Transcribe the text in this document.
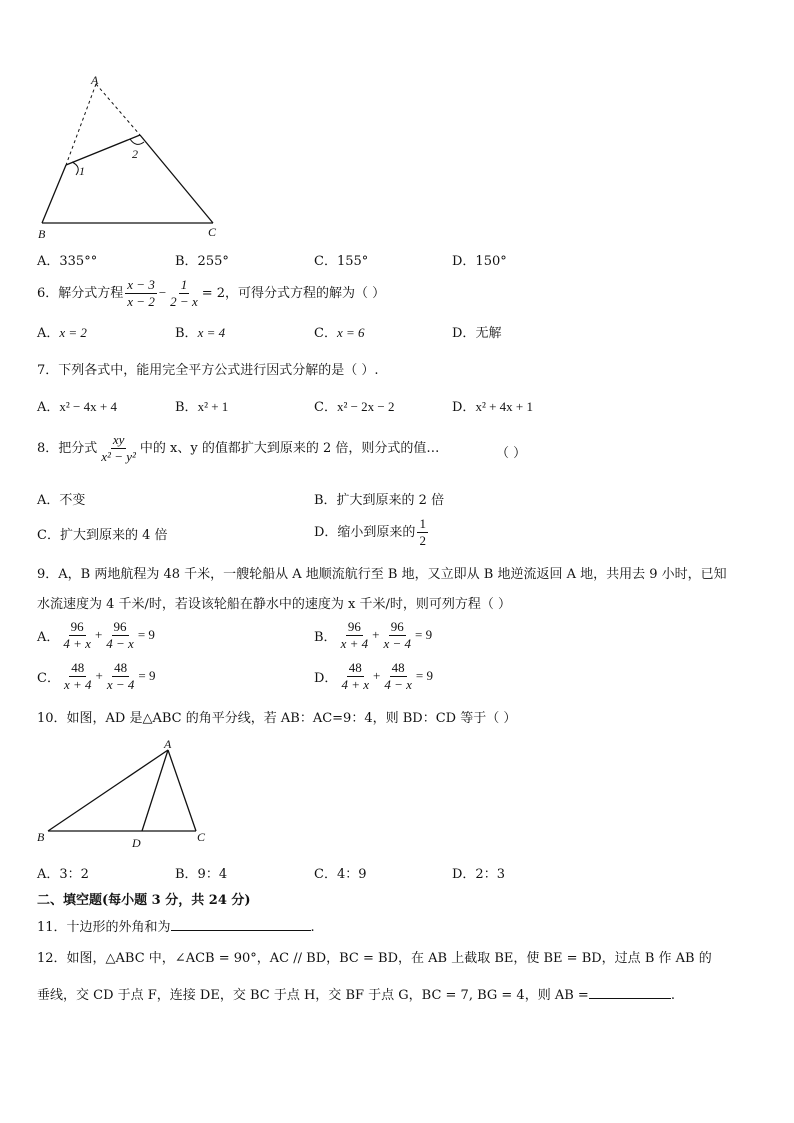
A
1
2
B	C
A．335°°	B．255°	C．155°	D．150°
6．解分式方程 $\frac{x - 3}{x - 2} - \frac{1}{2 - x} = 2$，可得分式方程的解为（ ）
A．x = 2	B．x = 4	C．x = 6	D．无解
7．下列各式中，能用完全平方公式进行因式分解的是（ ）.
A．x² − 4x + 4	B．x² + 1	C．x² − 2x − 2	D．x² + 4x + 1
8．把分式 $\frac{xy}{\text{x² − y²}}$ 中的 x、y 的值都扩大到原来的 2 倍，则分式的值…	（ ）
A．不变	B．扩大到原来的 2 倍
C．扩大到原来的 4 倍	D．缩小到原来的 $\frac{1}{2}$
9．A，B 两地航程为 48 千米，一艘轮船从 A 地顺流航行至 B 地，又立即从 B 地逆流返回 A 地，共用去 9 小时，已知
水流速度为 4 千米/时，若设该轮船在静水中的速度为 x 千米/时，则可列方程（ ）
A． $\frac{96}{4 + x} + \frac{96}{4 - x} = 9$	B． $\frac{96}{x + 4} + \frac{96}{x - 4} = 9$
C． $\frac{48}{x + 4} + \frac{48}{x - 4} = 9$	D． $\frac{48}{4 + x} + \frac{48}{4 - x} = 9$
10．如图，AD 是△ABC 的角平分线，若 AB：AC=9：4，则 BD：CD 等于（ ）
A
B	C
D
A．3：2	B．9：4	C．4：9	D．2：3
二、填空题(每小题 3 分，共 24 分)
11．十边形的外角和为	.
12．如图，△ABC 中，∠ACB = 90°，AC // BD，BC = BD，在 AB 上截取 BE，使 BE = BD，过点 B 作 AB 的
垂线，交 CD 于点 F，连接 DE，交 BC 于点 H，交 BF 于点 G，BC = 7, BG = 4，则 AB =	.
